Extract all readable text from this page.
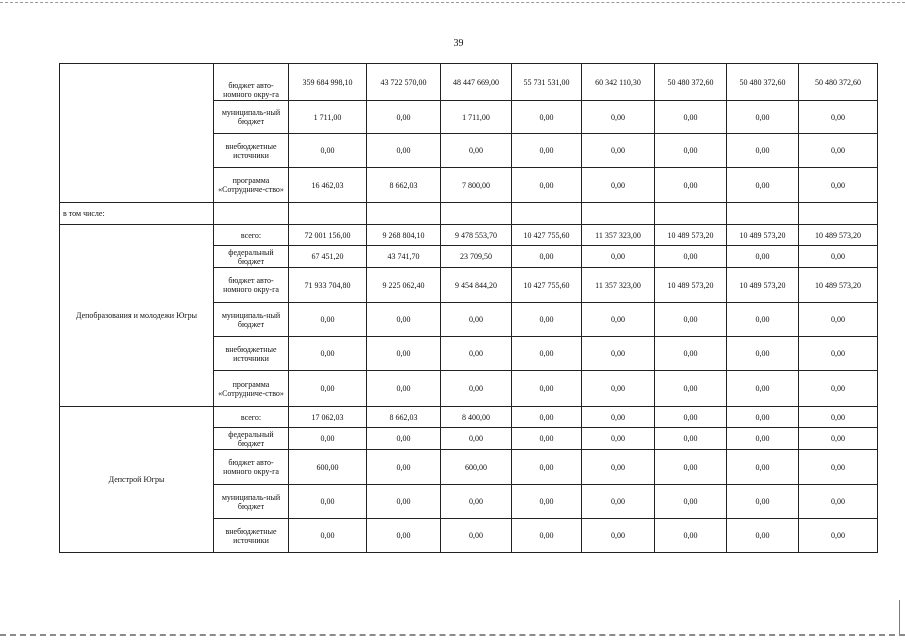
39
	бюджет авто-номного окру-га	359 684 998,10	43 722 570,00	48 447 669,00	55 731 531,00	60 342 110,30	50 480 372,60	50 480 372,60	50 480 372,60
	муниципаль-ный бюджет	1 711,00	0,00	1 711,00	0,00	0,00	0,00	0,00	0,00
	внебюджетные источники	0,00	0,00	0,00	0,00	0,00	0,00	0,00	0,00
	программа «Сотрудниче-ство»	16 462,03	8 662,03	7 800,00	0,00	0,00	0,00	0,00	0,00
в том числе:									
Депобразования и молодежи Югры	всего:	72 001 156,00	9 268 804,10	9 478 553,70	10 427 755,60	11 357 323,00	10 489 573,20	10 489 573,20	10 489 573,20
	федеральный бюджет	67 451,20	43 741,70	23 709,50	0,00	0,00	0,00	0,00	0,00
	бюджет авто-номного окру-га	71 933 704,80	9 225 062,40	9 454 844,20	10 427 755,60	11 357 323,00	10 489 573,20	10 489 573,20	10 489 573,20
	муниципаль-ный бюджет	0,00	0,00	0,00	0,00	0,00	0,00	0,00	0,00
	внебюджетные источники	0,00	0,00	0,00	0,00	0,00	0,00	0,00	0,00
	программа «Сотрудниче-ство»	0,00	0,00	0,00	0,00	0,00	0,00	0,00	0,00
Депстрой Югры	всего:	17 062,03	8 662,03	8 400,00	0,00	0,00	0,00	0,00	0,00
	федеральный бюджет	0,00	0,00	0,00	0,00	0,00	0,00	0,00	0,00
	бюджет авто-номного окру-га	600,00	0,00	600,00	0,00	0,00	0,00	0,00	0,00
	муниципаль-ный бюджет	0,00	0,00	0,00	0,00	0,00	0,00	0,00	0,00
	внебюджетные источники	0,00	0,00	0,00	0,00	0,00	0,00	0,00	0,00
